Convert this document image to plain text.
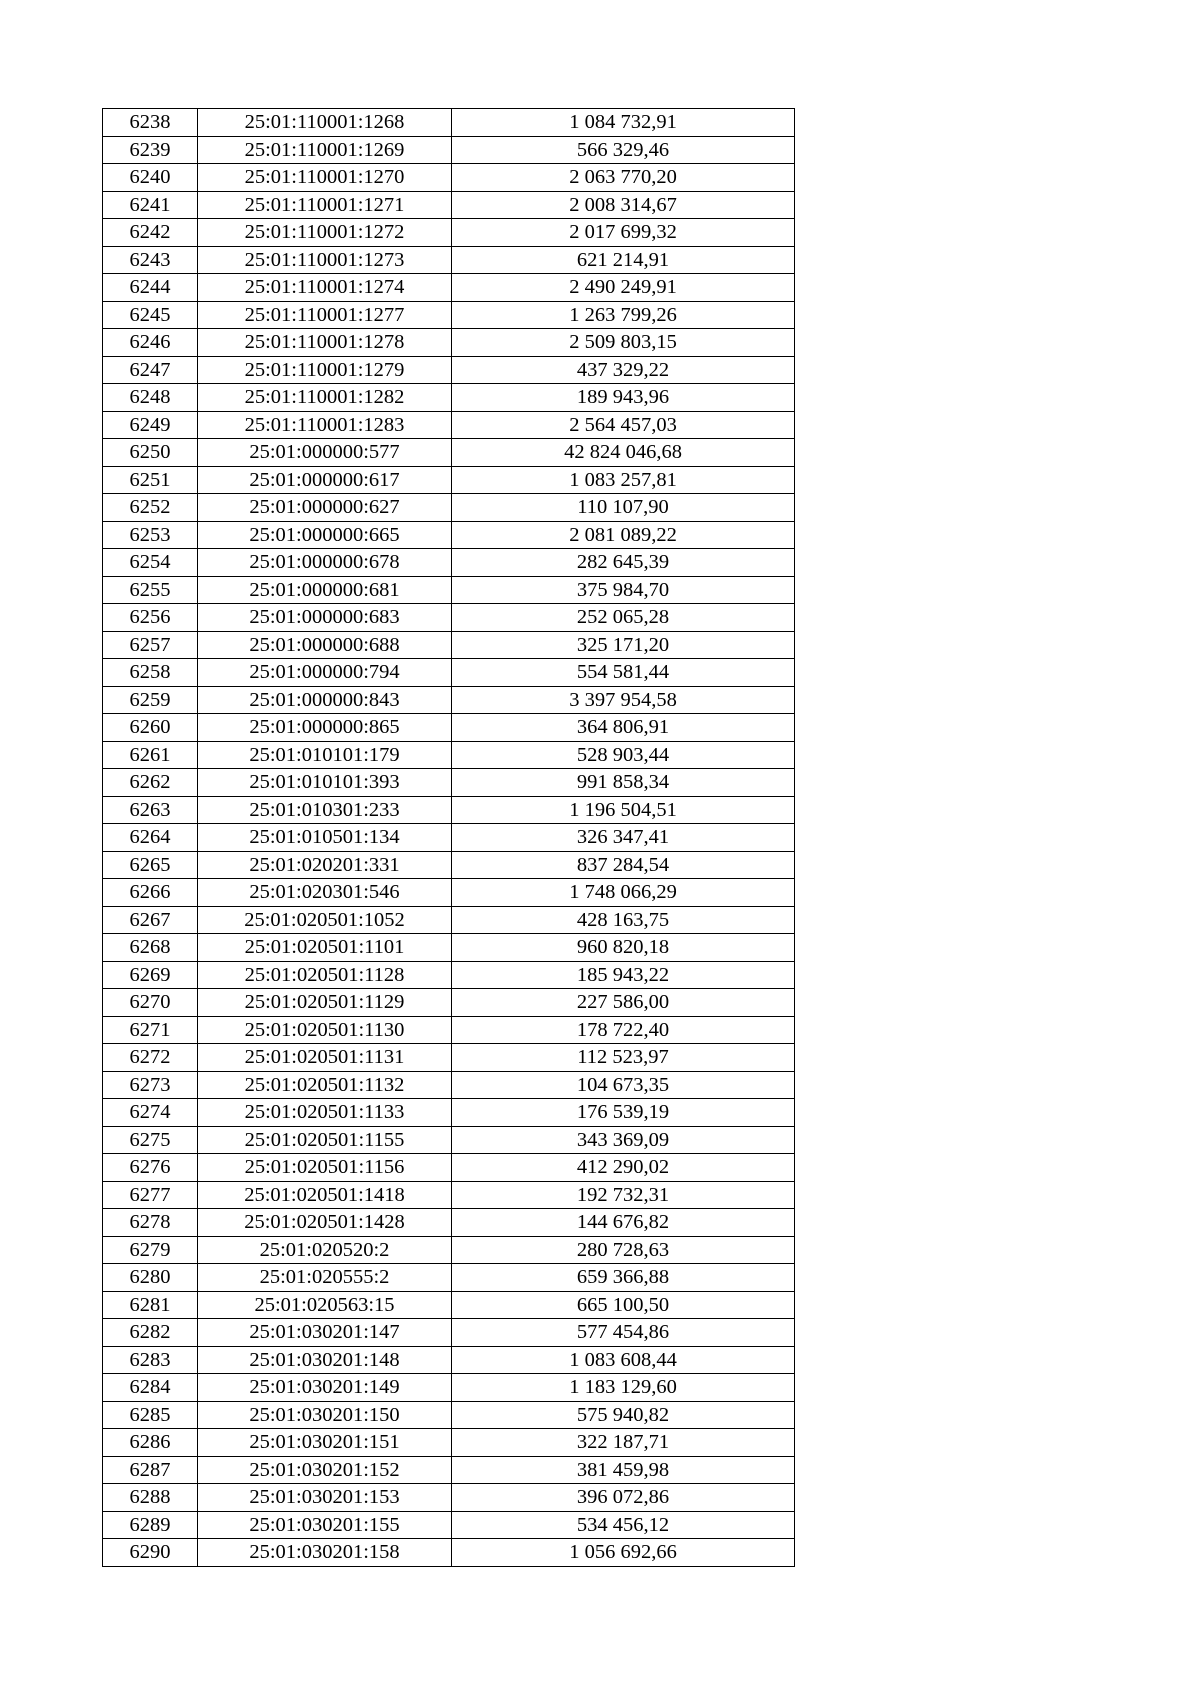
6238	25:01:110001:1268	1 084 732,91
6239	25:01:110001:1269	566 329,46
6240	25:01:110001:1270	2 063 770,20
6241	25:01:110001:1271	2 008 314,67
6242	25:01:110001:1272	2 017 699,32
6243	25:01:110001:1273	621 214,91
6244	25:01:110001:1274	2 490 249,91
6245	25:01:110001:1277	1 263 799,26
6246	25:01:110001:1278	2 509 803,15
6247	25:01:110001:1279	437 329,22
6248	25:01:110001:1282	189 943,96
6249	25:01:110001:1283	2 564 457,03
6250	25:01:000000:577	42 824 046,68
6251	25:01:000000:617	1 083 257,81
6252	25:01:000000:627	110 107,90
6253	25:01:000000:665	2 081 089,22
6254	25:01:000000:678	282 645,39
6255	25:01:000000:681	375 984,70
6256	25:01:000000:683	252 065,28
6257	25:01:000000:688	325 171,20
6258	25:01:000000:794	554 581,44
6259	25:01:000000:843	3 397 954,58
6260	25:01:000000:865	364 806,91
6261	25:01:010101:179	528 903,44
6262	25:01:010101:393	991 858,34
6263	25:01:010301:233	1 196 504,51
6264	25:01:010501:134	326 347,41
6265	25:01:020201:331	837 284,54
6266	25:01:020301:546	1 748 066,29
6267	25:01:020501:1052	428 163,75
6268	25:01:020501:1101	960 820,18
6269	25:01:020501:1128	185 943,22
6270	25:01:020501:1129	227 586,00
6271	25:01:020501:1130	178 722,40
6272	25:01:020501:1131	112 523,97
6273	25:01:020501:1132	104 673,35
6274	25:01:020501:1133	176 539,19
6275	25:01:020501:1155	343 369,09
6276	25:01:020501:1156	412 290,02
6277	25:01:020501:1418	192 732,31
6278	25:01:020501:1428	144 676,82
6279	25:01:020520:2	280 728,63
6280	25:01:020555:2	659 366,88
6281	25:01:020563:15	665 100,50
6282	25:01:030201:147	577 454,86
6283	25:01:030201:148	1 083 608,44
6284	25:01:030201:149	1 183 129,60
6285	25:01:030201:150	575 940,82
6286	25:01:030201:151	322 187,71
6287	25:01:030201:152	381 459,98
6288	25:01:030201:153	396 072,86
6289	25:01:030201:155	534 456,12
6290	25:01:030201:158	1 056 692,66
